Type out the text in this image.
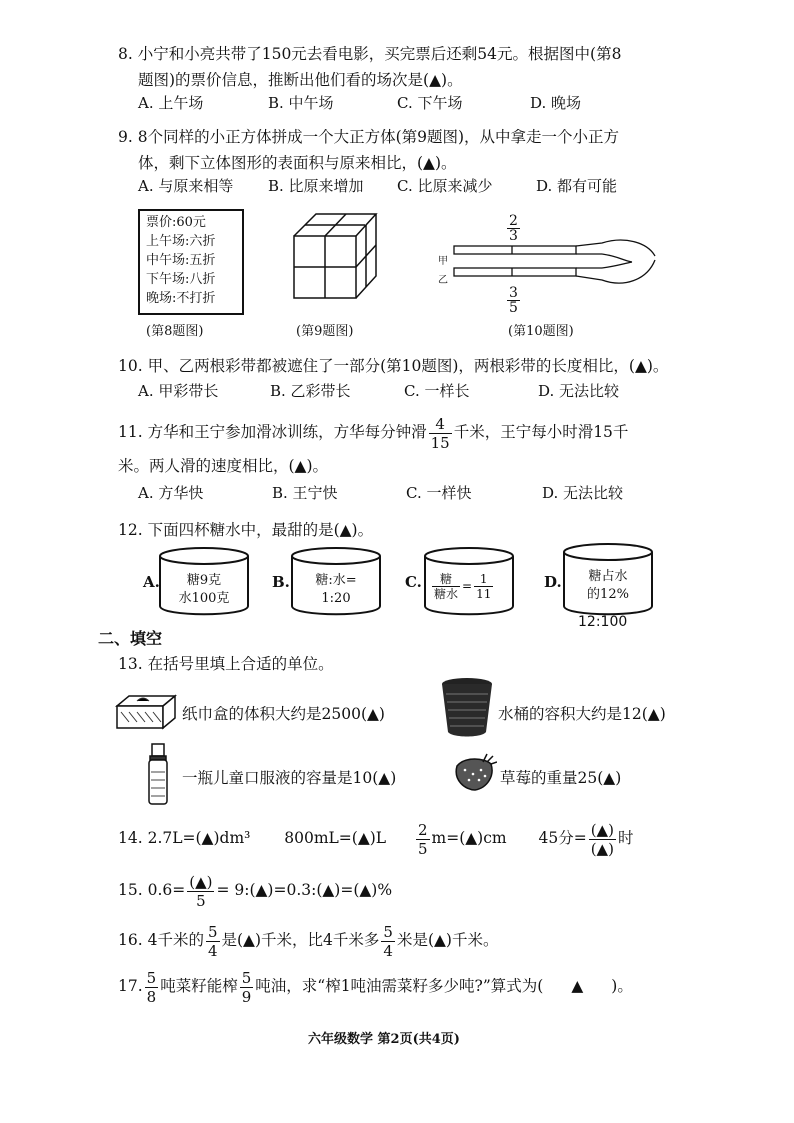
8. 小宁和小亮共带了150元去看电影，买完票后还剩54元。根据图中(第8
题图)的票价信息，推断出他们看的场次是(▲)。
A. 上午场	B. 中午场	C. 下午场	D. 晚场
9. 8个同样的小正方体拼成一个大正方体(第9题图)，从中拿走一个小正方
体，剩下立体图形的表面积与原来相比，(▲)。
A. 与原来相等 B. 比原来增加 C. 比原来减少	D. 都有可能
票价:60元
上午场:六折
中午场:五折
下午场:八折
晚场:不打折
(第8题图)	(第9题图)
$\frac{2}{3}$
甲
乙
$\frac{3}{5}$
(第10题图)
10. 甲、乙两根彩带都被遮住了一部分(第10题图)，两根彩带的长度相比，(▲)。
A. 甲彩带长	B. 乙彩带长	C. 一样长	D. 无法比较
11. 方华和王宁参加滑冰训练，方华每分钟滑 $\frac{4}{15}$ 千米，王宁每小时滑15千
米。两人滑的速度相比，(▲)。
A. 方华快	B. 王宁快	C. 一样快	D. 无法比较
12. 下面四杯糖水中，最甜的是(▲)。
A.	糖9克
水100克
B.	糖:水=
1:20
C. $\frac{\text{糖}}{\text{糖水}} = \frac{1}{11}$	D.	糖占水
的12%
12:100
二、填空
13. 在括号里填上合适的单位。
纸巾盒的体积大约是2500(▲)	水桶的容积大约是12(▲)
一瓶儿童口服液的容量是10(▲)	草莓的重量25(▲)
14. 2.7L=(▲)dm³ 800mL=(▲)L $\frac{2}{5}$ m=(▲)cm 45分= $\frac{(▲)}{(▲)}$ 时
15. $0.6= \frac{(▲)}{5}$ = 9:(▲)=0.3:(▲)=(▲)%
16. 4千米的 $\frac{5}{4}$ 是(▲)千米，比4千米多 $\frac{5}{4}$ 米是(▲)千米。
17. $\frac{5}{8}$ 吨菜籽能榨 $\frac{5}{9}$ 吨油，求“榨1吨油需菜籽多少吨?”算式为( ▲ )。
六年级数学 第2页(共4页)
